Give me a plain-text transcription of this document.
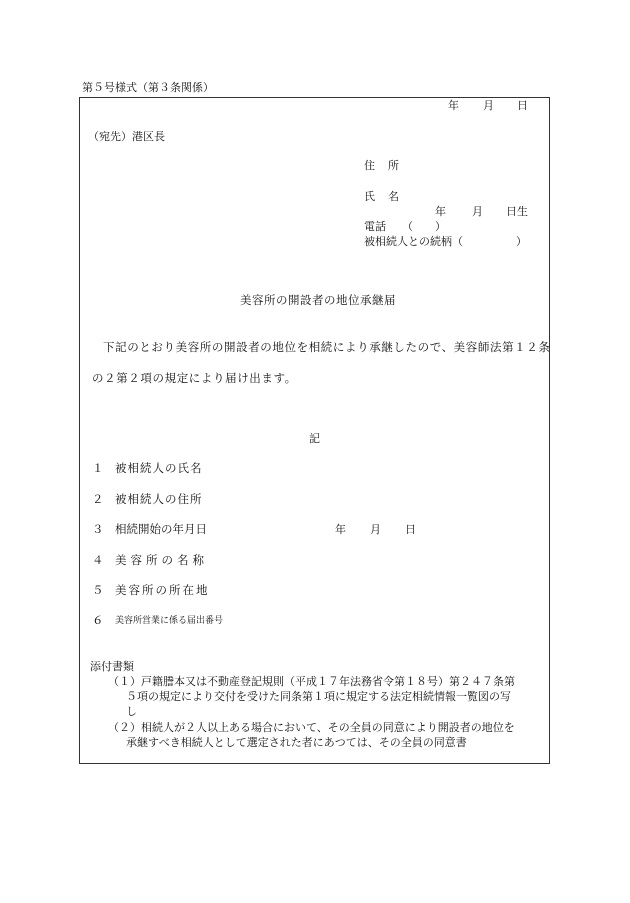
第５号様式（第３条関係）
年 月 日
（宛先）港区長
住　所
氏　名
年 月 日生
電話 （　　）
被相続人との続柄（	）
美容所の開設者の地位承継届
下記のとおり美容所の開設者の地位を相続により承継したので、美容師法第１２条
の２第２項の規定により届け出ます。
記
１ 被相続人の氏名
２ 被相続人の住所
３ 相続開始の年月日	年 月 日
４ 美容所の名称
５ 美容所の所在地
６ 美容所営業に係る届出番号
添付書類
（１）戸籍謄本又は不動産登記規則（平成１７年法務省令第１８号）第２４７条第
５項の規定により交付を受けた同条第１項に規定する法定相続情報一覧図の写
し
（２）相続人が２人以上ある場合において、その全員の同意により開設者の地位を
承継すべき相続人として選定された者にあつては、その全員の同意書
